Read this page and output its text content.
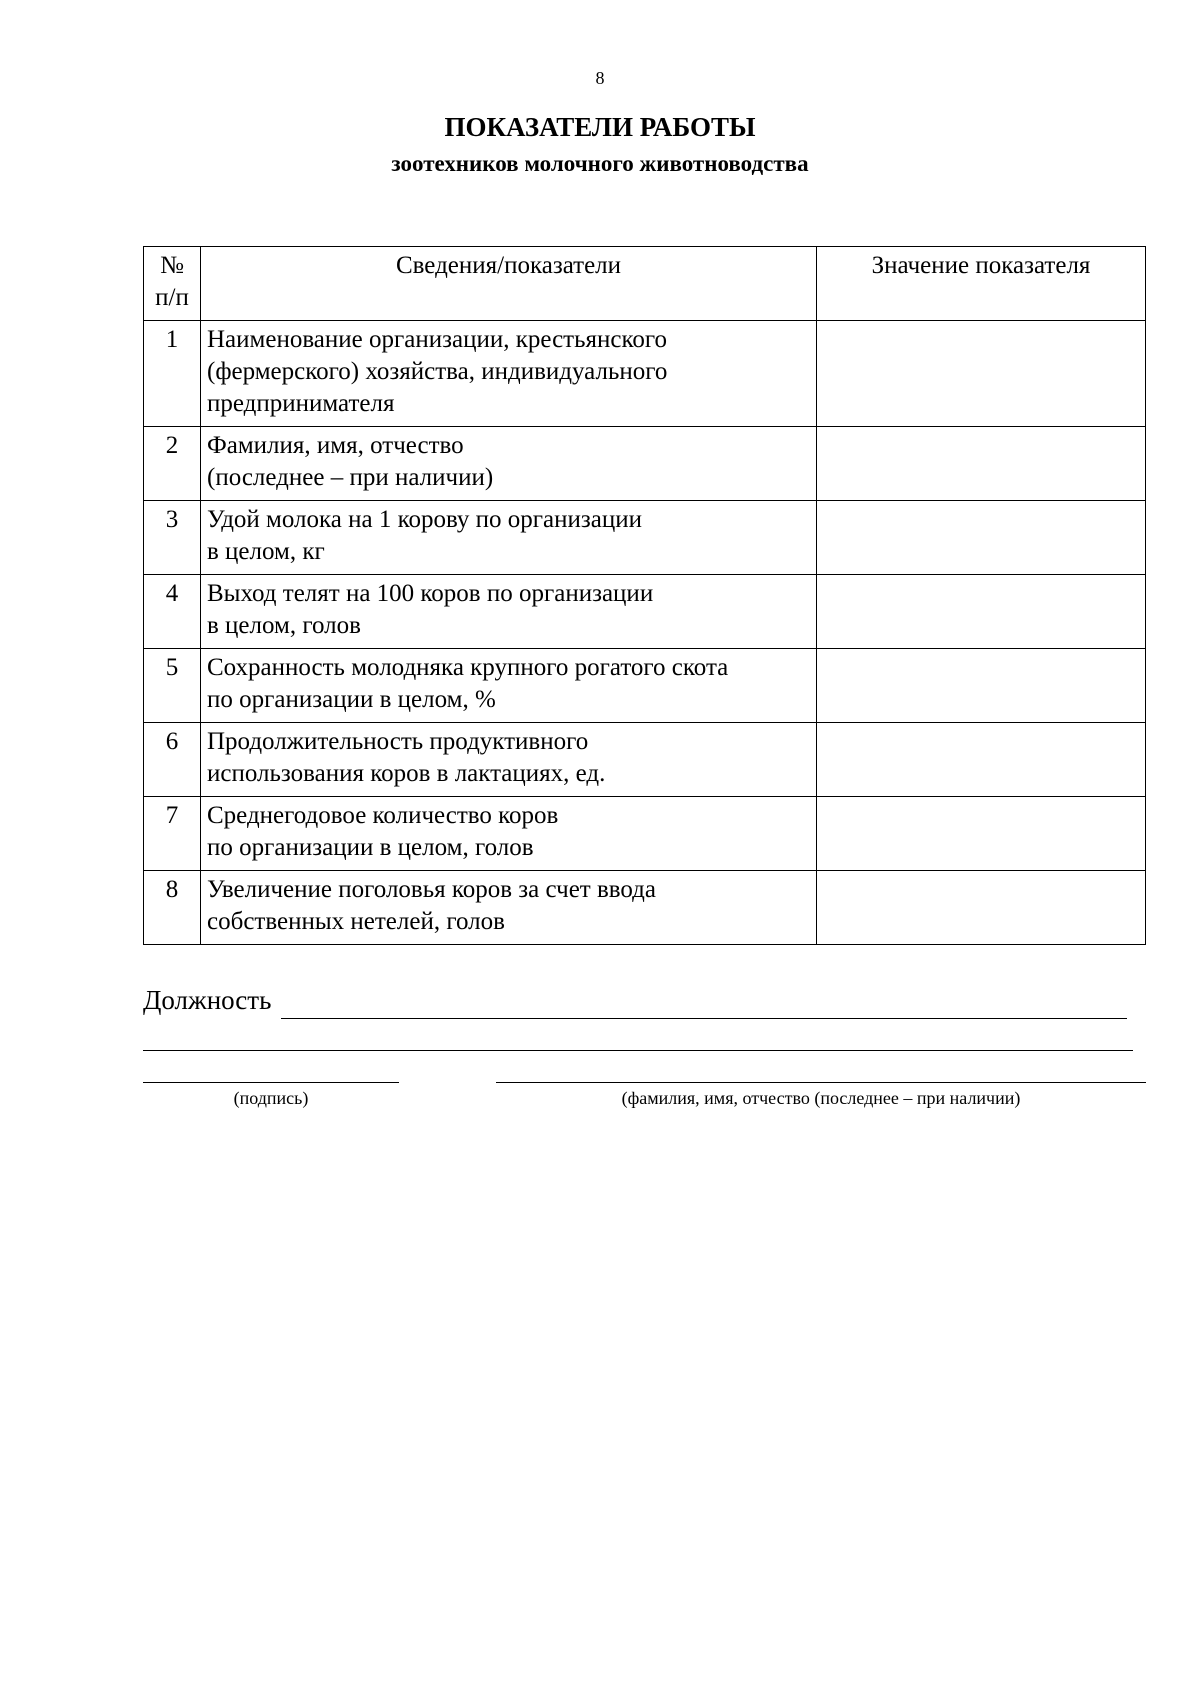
8
ПОКАЗАТЕЛИ РАБОТЫ
зоотехников молочного животноводства
№
п/п	Сведения/показатели	Значение показателя
1	Наименование организации, крестьянского
(фермерского) хозяйства, индивидуального
предпринимателя	
2	Фамилия, имя, отчество
(последнее – при наличии)	
3	Удой молока на 1 корову по организации
в целом, кг	
4	Выход телят на 100 коров по организации
в целом, голов	
5	Сохранность молодняка крупного рогатого скота
по организации в целом, %	
6	Продолжительность продуктивного
использования коров в лактациях, ед.	
7	Среднегодовое количество коров
по организации в целом, голов	
8	Увеличение поголовья коров за счет ввода
собственных нетелей, голов	
Должность
(подпись)	(фамилия, имя, отчество (последнее – при наличии)
